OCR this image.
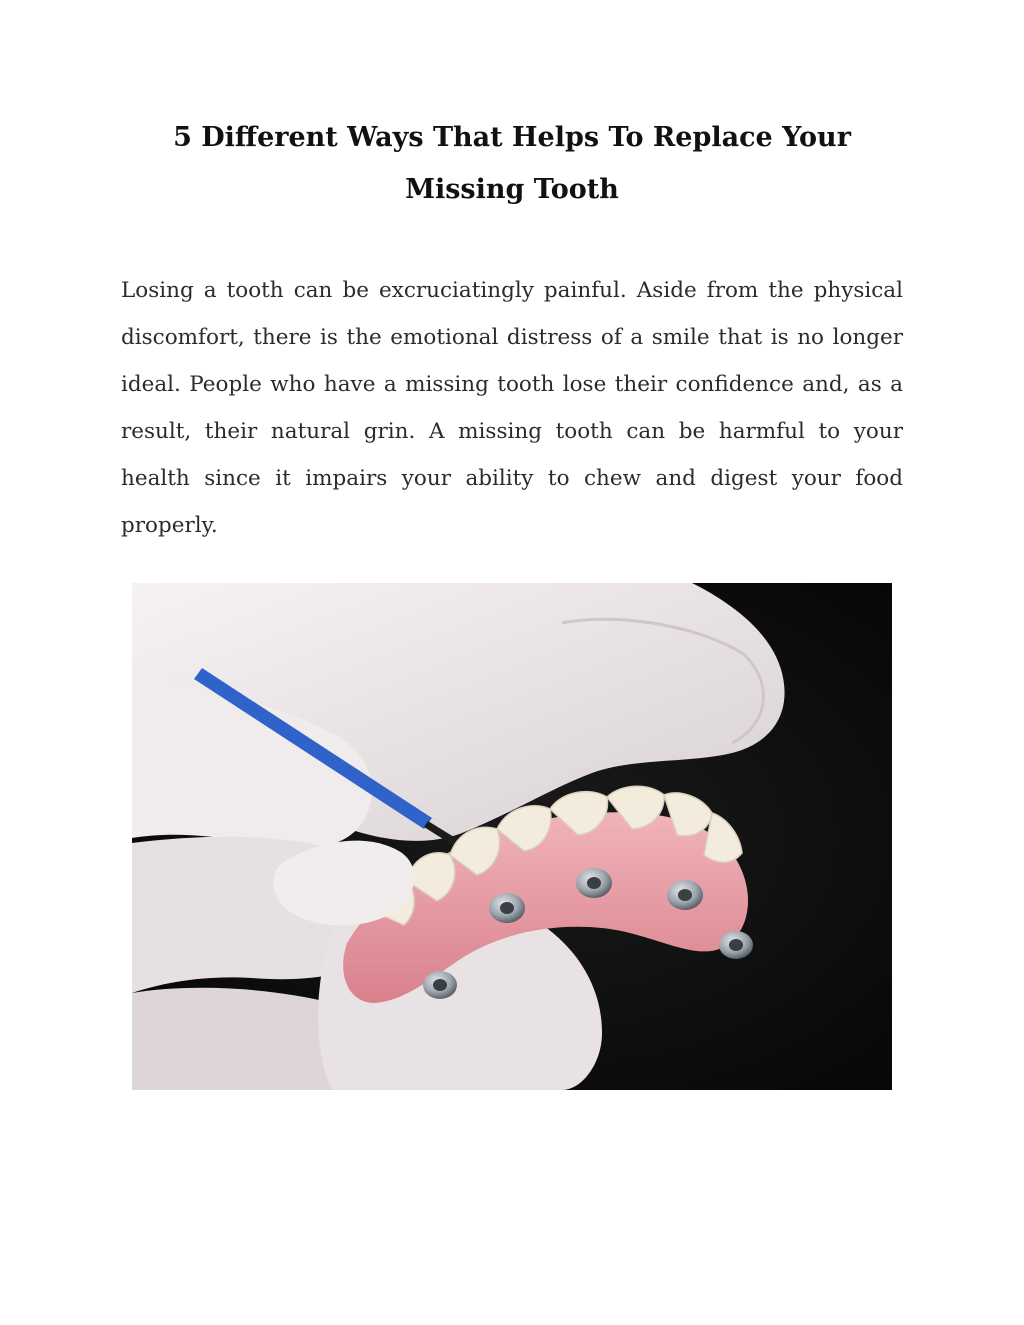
5 Different Ways That Helps To Replace Your Missing Tooth

Losing a tooth can be excruciatingly painful. Aside from the physical discomfort, there is the emotional distress of a smile that is no longer ideal. People who have a missing tooth lose their confidence and, as a result, their natural grin. A missing tooth can be harmful to your health since it impairs your ability to chew and digest your food properly.
